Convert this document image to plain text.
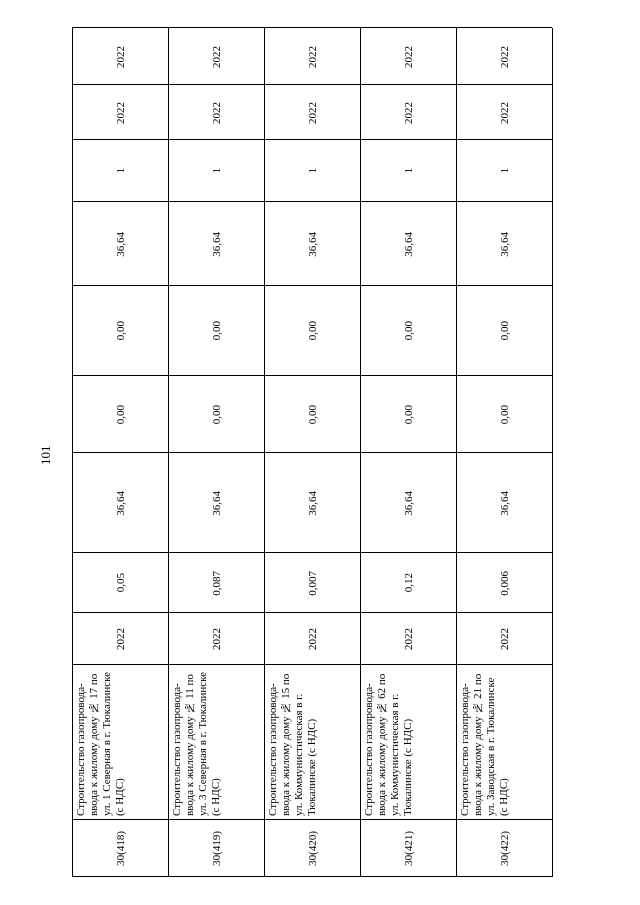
101
2022
2022
1
36,64
0,00
0,00
36,64
0,05
2022
Строительство газопровода-ввода к жилому дому № 17 по ул. 1 Северная в г. Тюкалинске (с НДС)
30(418)
2022
2022
1
36,64
0,00
0,00
36,64
0,087
2022
Строительство газопровода-ввода к жилому дому № 11 по ул. 3 Северная в г. Тюкалинске (с НДС)
30(419)
2022
2022
1
36,64
0,00
0,00
36,64
0,007
2022
Строительство газопровода-ввода к жилому дому № 15 по ул. Коммунистическая в г. Тюкалинске (с НДС)
30(420)
2022
2022
1
36,64
0,00
0,00
36,64
0,12
2022
Строительство газопровода-ввода к жилому дому № 62 по ул. Коммунистическая в г. Тюкалинске (с НДС)
30(421)
2022
2022
1
36,64
0,00
0,00
36,64
0,006
2022
Строительство газопровода-ввода к жилому дому № 21 по ул. Заводская в г. Тюкалинске (с НДС)
30(422)
